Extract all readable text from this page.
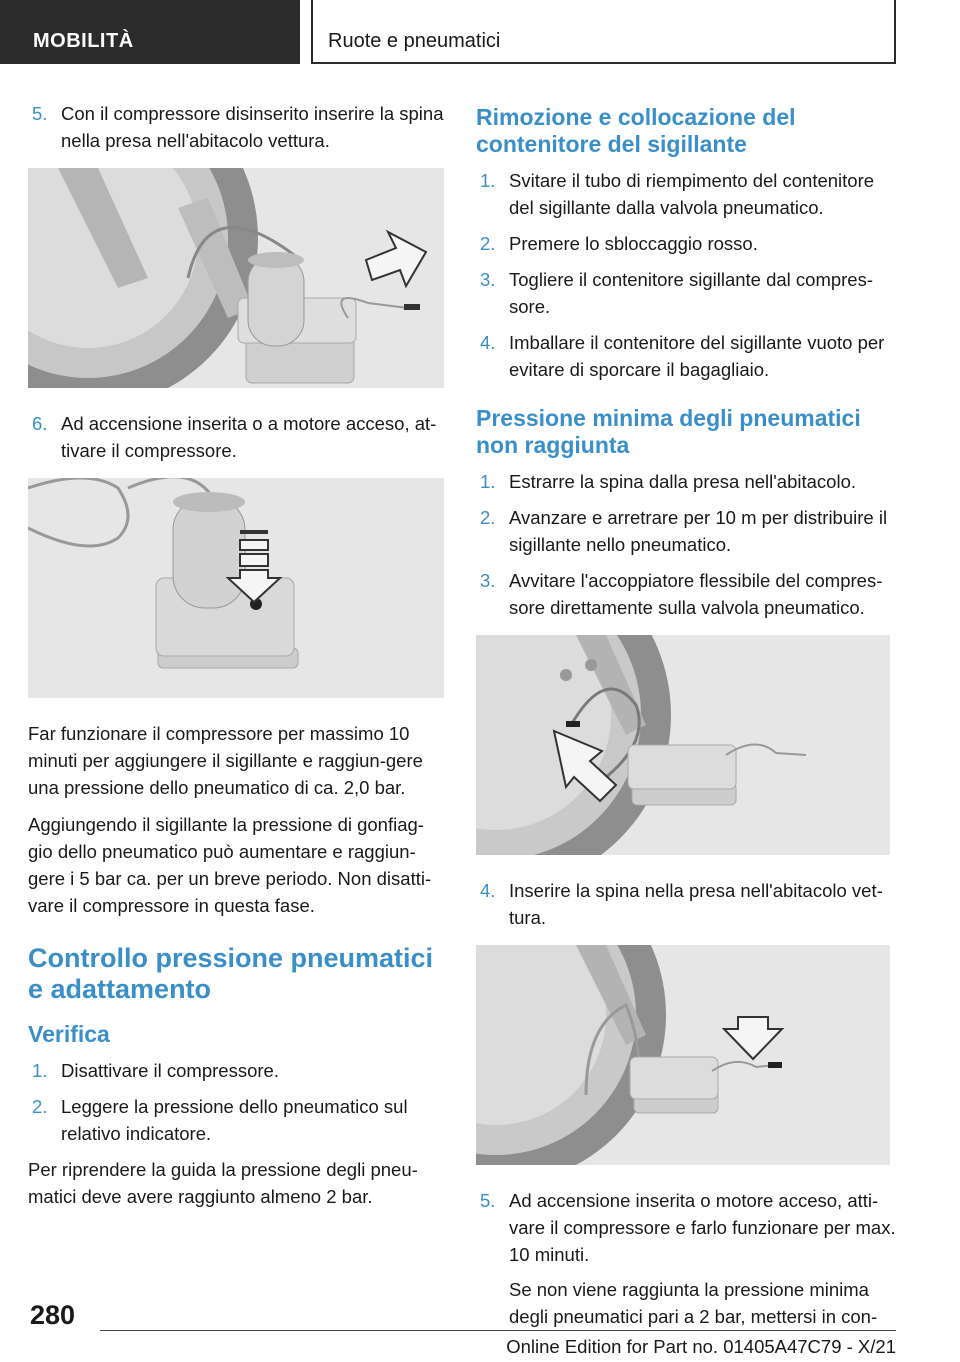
MOBILITÀ	Ruote e pneumatici
5. Con il compressore disinserito inserire la spina nella presa nell'abitacolo vettura.
6. Ad accensione inserita o a motore acceso, at‐tivare il compressore.

Far funzionare il compressore per massimo 10 minuti per aggiungere il sigillante e raggiun‐gere una pressione dello pneumatico di ca. 2,0 bar.

Aggiungendo il sigillante la pressione di gonfiag‐gio dello pneumatico può aumentare e raggiun‐gere i 5 bar ca. per un breve periodo. Non disatti‐vare il compressore in questa fase.

Controllo pressione pneumatici e adattamento
Verifica
1. Disattivare il compressore.
2. Leggere la pressione dello pneumatico sul relativo indicatore.

Per riprendere la guida la pressione degli pneu‐matici deve avere raggiunto almeno 2 bar.

Rimozione e collocazione del contenitore del sigillante
1. Svitare il tubo di riempimento del contenitore del sigillante dalla valvola pneumatico.
2. Premere lo sbloccaggio rosso.
3. Togliere il contenitore sigillante dal compres‐sore.
4. Imballare il contenitore del sigillante vuoto per evitare di sporcare il bagagliaio.
Pressione minima degli pneumatici non raggiunta
1. Estrarre la spina dalla presa nell'abitacolo.
2. Avanzare e arretrare per 10 m per distribuire il sigillante nello pneumatico.
3. Avvitare l'accoppiatore flessibile del compres‐sore direttamente sulla valvola pneumatico.
4. Inserire la spina nella presa nell'abitacolo vet‐tura.
5. Ad accensione inserita o motore acceso, atti‐vare il compressore e farlo funzionare per max. 10 minuti.

Se non viene raggiunta la pressione minima degli pneumatici pari a 2 bar, mettersi in con‐

280
Online Edition for Part no. 01405A47C79 - X/21
